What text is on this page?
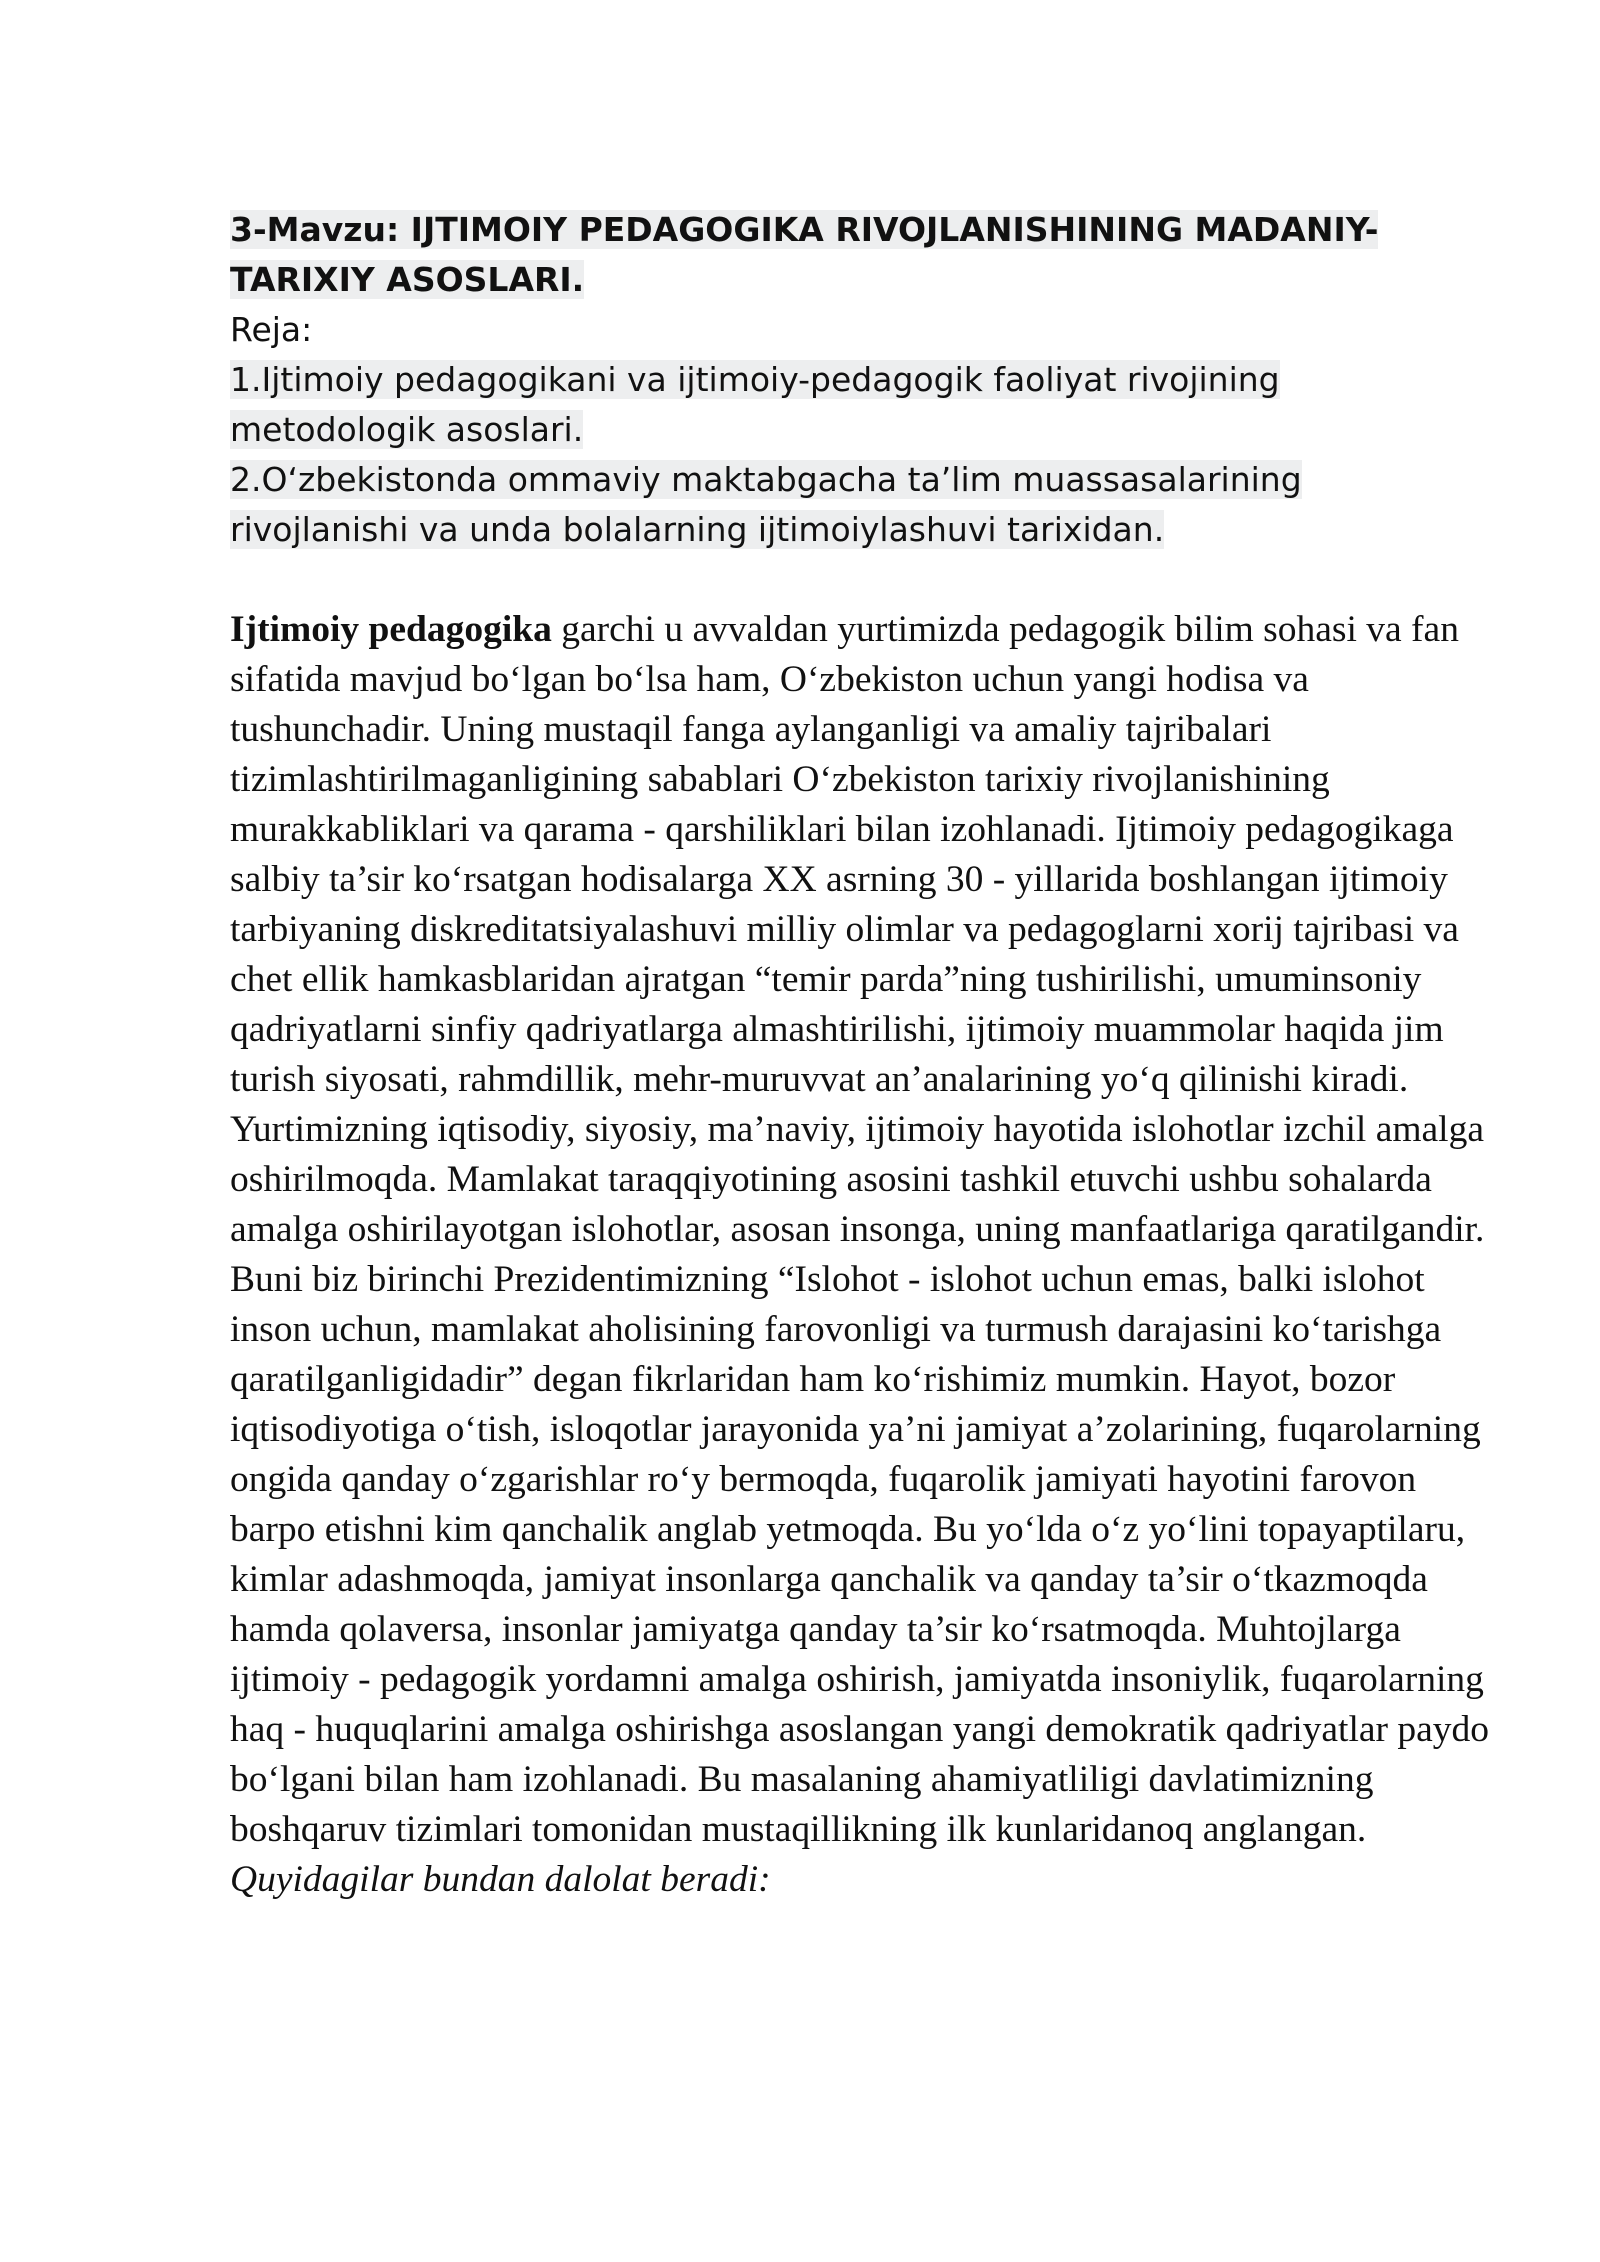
3-Mavzu: IJTIMOIY PEDAGOGIKA RIVOJLANISHINING MADANIY-TARIXIY ASOSLARI.

Reja:

1.Ijtimoiy pedagogikani va ijtimoiy-pedagogik faoliyat rivojining metodologik asoslari.

2.O‘zbekistonda ommaviy maktabgacha ta’lim muassasalarining rivojlanishi va unda bolalarning ijtimoiylashuvi tarixidan.

Ijtimoiy pedagogika garchi u avvaldan yurtimizda pedagogik bilim sohasi va fan sifatida mavjud bo‘lgan bo‘lsa ham, O‘zbekiston uchun yangi hodisa va tushunchadir. Uning mustaqil fanga aylanganligi va amaliy tajribalari tizimlashtirilmaganligining sabablari O‘zbekiston tarixiy rivojlanishining murakkabliklari va qarama - qarshiliklari bilan izohlanadi. Ijtimoiy pedagogikaga salbiy ta’sir ko‘rsatgan hodisalarga XX asrning 30 - yillarida boshlangan ijtimoiy tarbiyaning diskreditatsiyalashuvi milliy olimlar va pedagoglarni xorij tajribasi va chet ellik hamkasblaridan ajratgan “temir parda”ning tushirilishi, umuminsoniy qadriyatlarni sinfiy qadriyatlarga almashtirilishi, ijtimoiy muammolar haqida jim turish siyosati, rahmdillik, mehr-muruvvat an’analarining yo‘q qilinishi kiradi. Yurtimizning iqtisodiy, siyosiy, ma’naviy, ijtimoiy hayotida islohotlar izchil amalga oshirilmoqda. Mamlakat taraqqiyotining asosini tashkil etuvchi ushbu sohalarda amalga oshirilayotgan islohotlar, asosan insonga, uning manfaatlariga qaratilgandir. Buni biz birinchi Prezidentimizning “Islohot - islohot uchun emas, balki islohot inson uchun, mamlakat aholisining farovonligi va turmush darajasini ko‘tarishga qaratilganligidadir” degan fikrlaridan ham ko‘rishimiz mumkin. Hayot, bozor iqtisodiyotiga o‘tish, isloqotlar jarayonida ya’ni jamiyat a’zolarining, fuqarolarning ongida qanday o‘zgarishlar ro‘y bermoqda, fuqarolik jamiyati hayotini farovon barpo etishni kim qanchalik anglab yetmoqda. Bu yo‘lda o‘z yo‘lini topayaptilaru, kimlar adashmoqda, jamiyat insonlarga qanchalik va qanday ta’sir o‘tkazmoqda hamda qolaversa, insonlar jamiyatga qanday ta’sir ko‘rsatmoqda. Muhtojlarga ijtimoiy - pedagogik yordamni amalga oshirish, jamiyatda insoniylik, fuqarolarning haq - huquqlarini amalga oshirishga asoslangan yangi demokratik qadriyatlar paydo bo‘lgani bilan ham izohlanadi. Bu masalaning ahamiyatliligi davlatimizning boshqaruv tizimlari tomonidan mustaqillikning ilk kunlaridanoq anglangan.
Quyidagilar bundan dalolat beradi:
